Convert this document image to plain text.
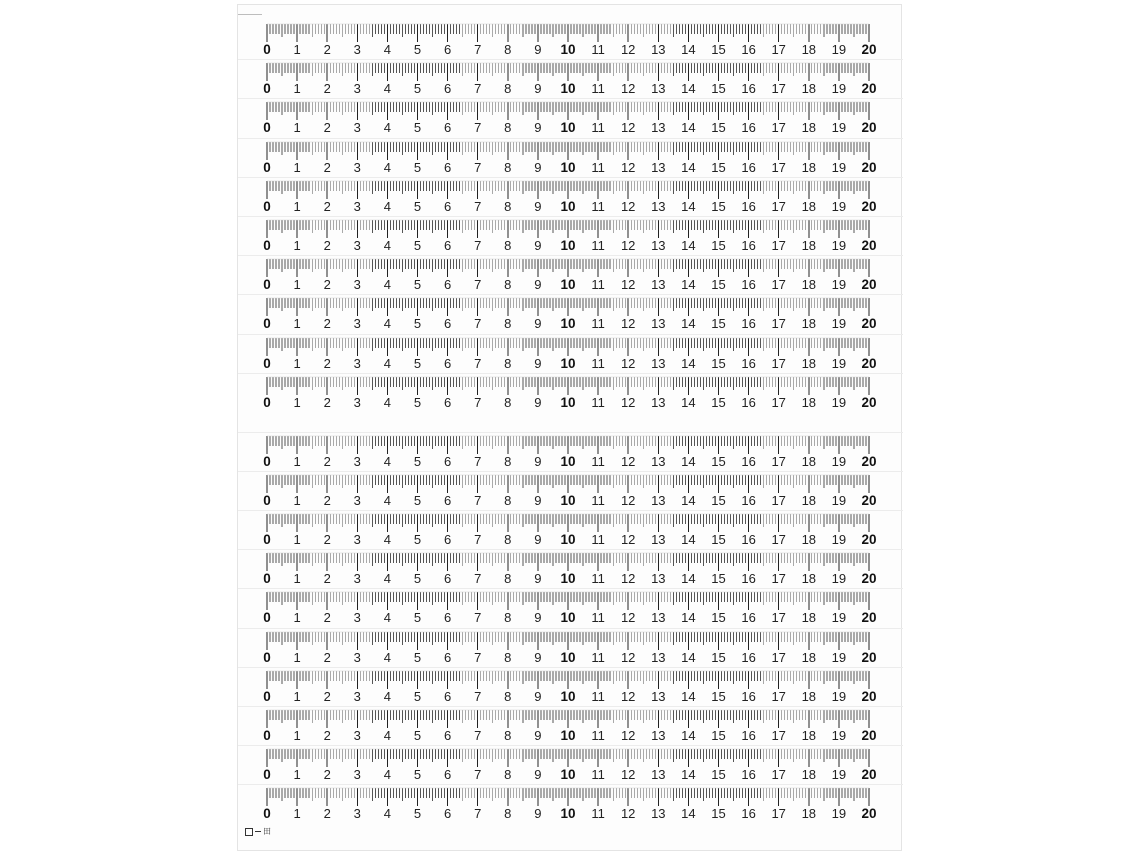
0 1 2 3 4 5 6 7 8 9 10 11 12 13 14 15 16 17 18 19 20
0 1 2 3 4 5 6 7 8 9 10 11 12 13 14 15 16 17 18 19 20
0 1 2 3 4 5 6 7 8 9 10 11 12 13 14 15 16 17 18 19 20
0 1 2 3 4 5 6 7 8 9 10 11 12 13 14 15 16 17 18 19 20
0 1 2 3 4 5 6 7 8 9 10 11 12 13 14 15 16 17 18 19 20
0 1 2 3 4 5 6 7 8 9 10 11 12 13 14 15 16 17 18 19 20
0 1 2 3 4 5 6 7 8 9 10 11 12 13 14 15 16 17 18 19 20
0 1 2 3 4 5 6 7 8 9 10 11 12 13 14 15 16 17 18 19 20
0 1 2 3 4 5 6 7 8 9 10 11 12 13 14 15 16 17 18 19 20
0 1 2 3 4 5 6 7 8 9 10 11 12 13 14 15 16 17 18 19 20
0 1 2 3 4 5 6 7 8 9 10 11 12 13 14 15 16 17 18 19 20
0 1 2 3 4 5 6 7 8 9 10 11 12 13 14 15 16 17 18 19 20
0 1 2 3 4 5 6 7 8 9 10 11 12 13 14 15 16 17 18 19 20
0 1 2 3 4 5 6 7 8 9 10 11 12 13 14 15 16 17 18 19 20
0 1 2 3 4 5 6 7 8 9 10 11 12 13 14 15 16 17 18 19 20
0 1 2 3 4 5 6 7 8 9 10 11 12 13 14 15 16 17 18 19 20
0 1 2 3 4 5 6 7 8 9 10 11 12 13 14 15 16 17 18 19 20
0 1 2 3 4 5 6 7 8 9 10 11 12 13 14 15 16 17 18 19 20
0 1 2 3 4 5 6 7 8 9 10 11 12 13 14 15 16 17 18 19 20
0 1 2 3 4 5 6 7 8 9 10 11 12 13 14 15 16 17 18 19 20
田
